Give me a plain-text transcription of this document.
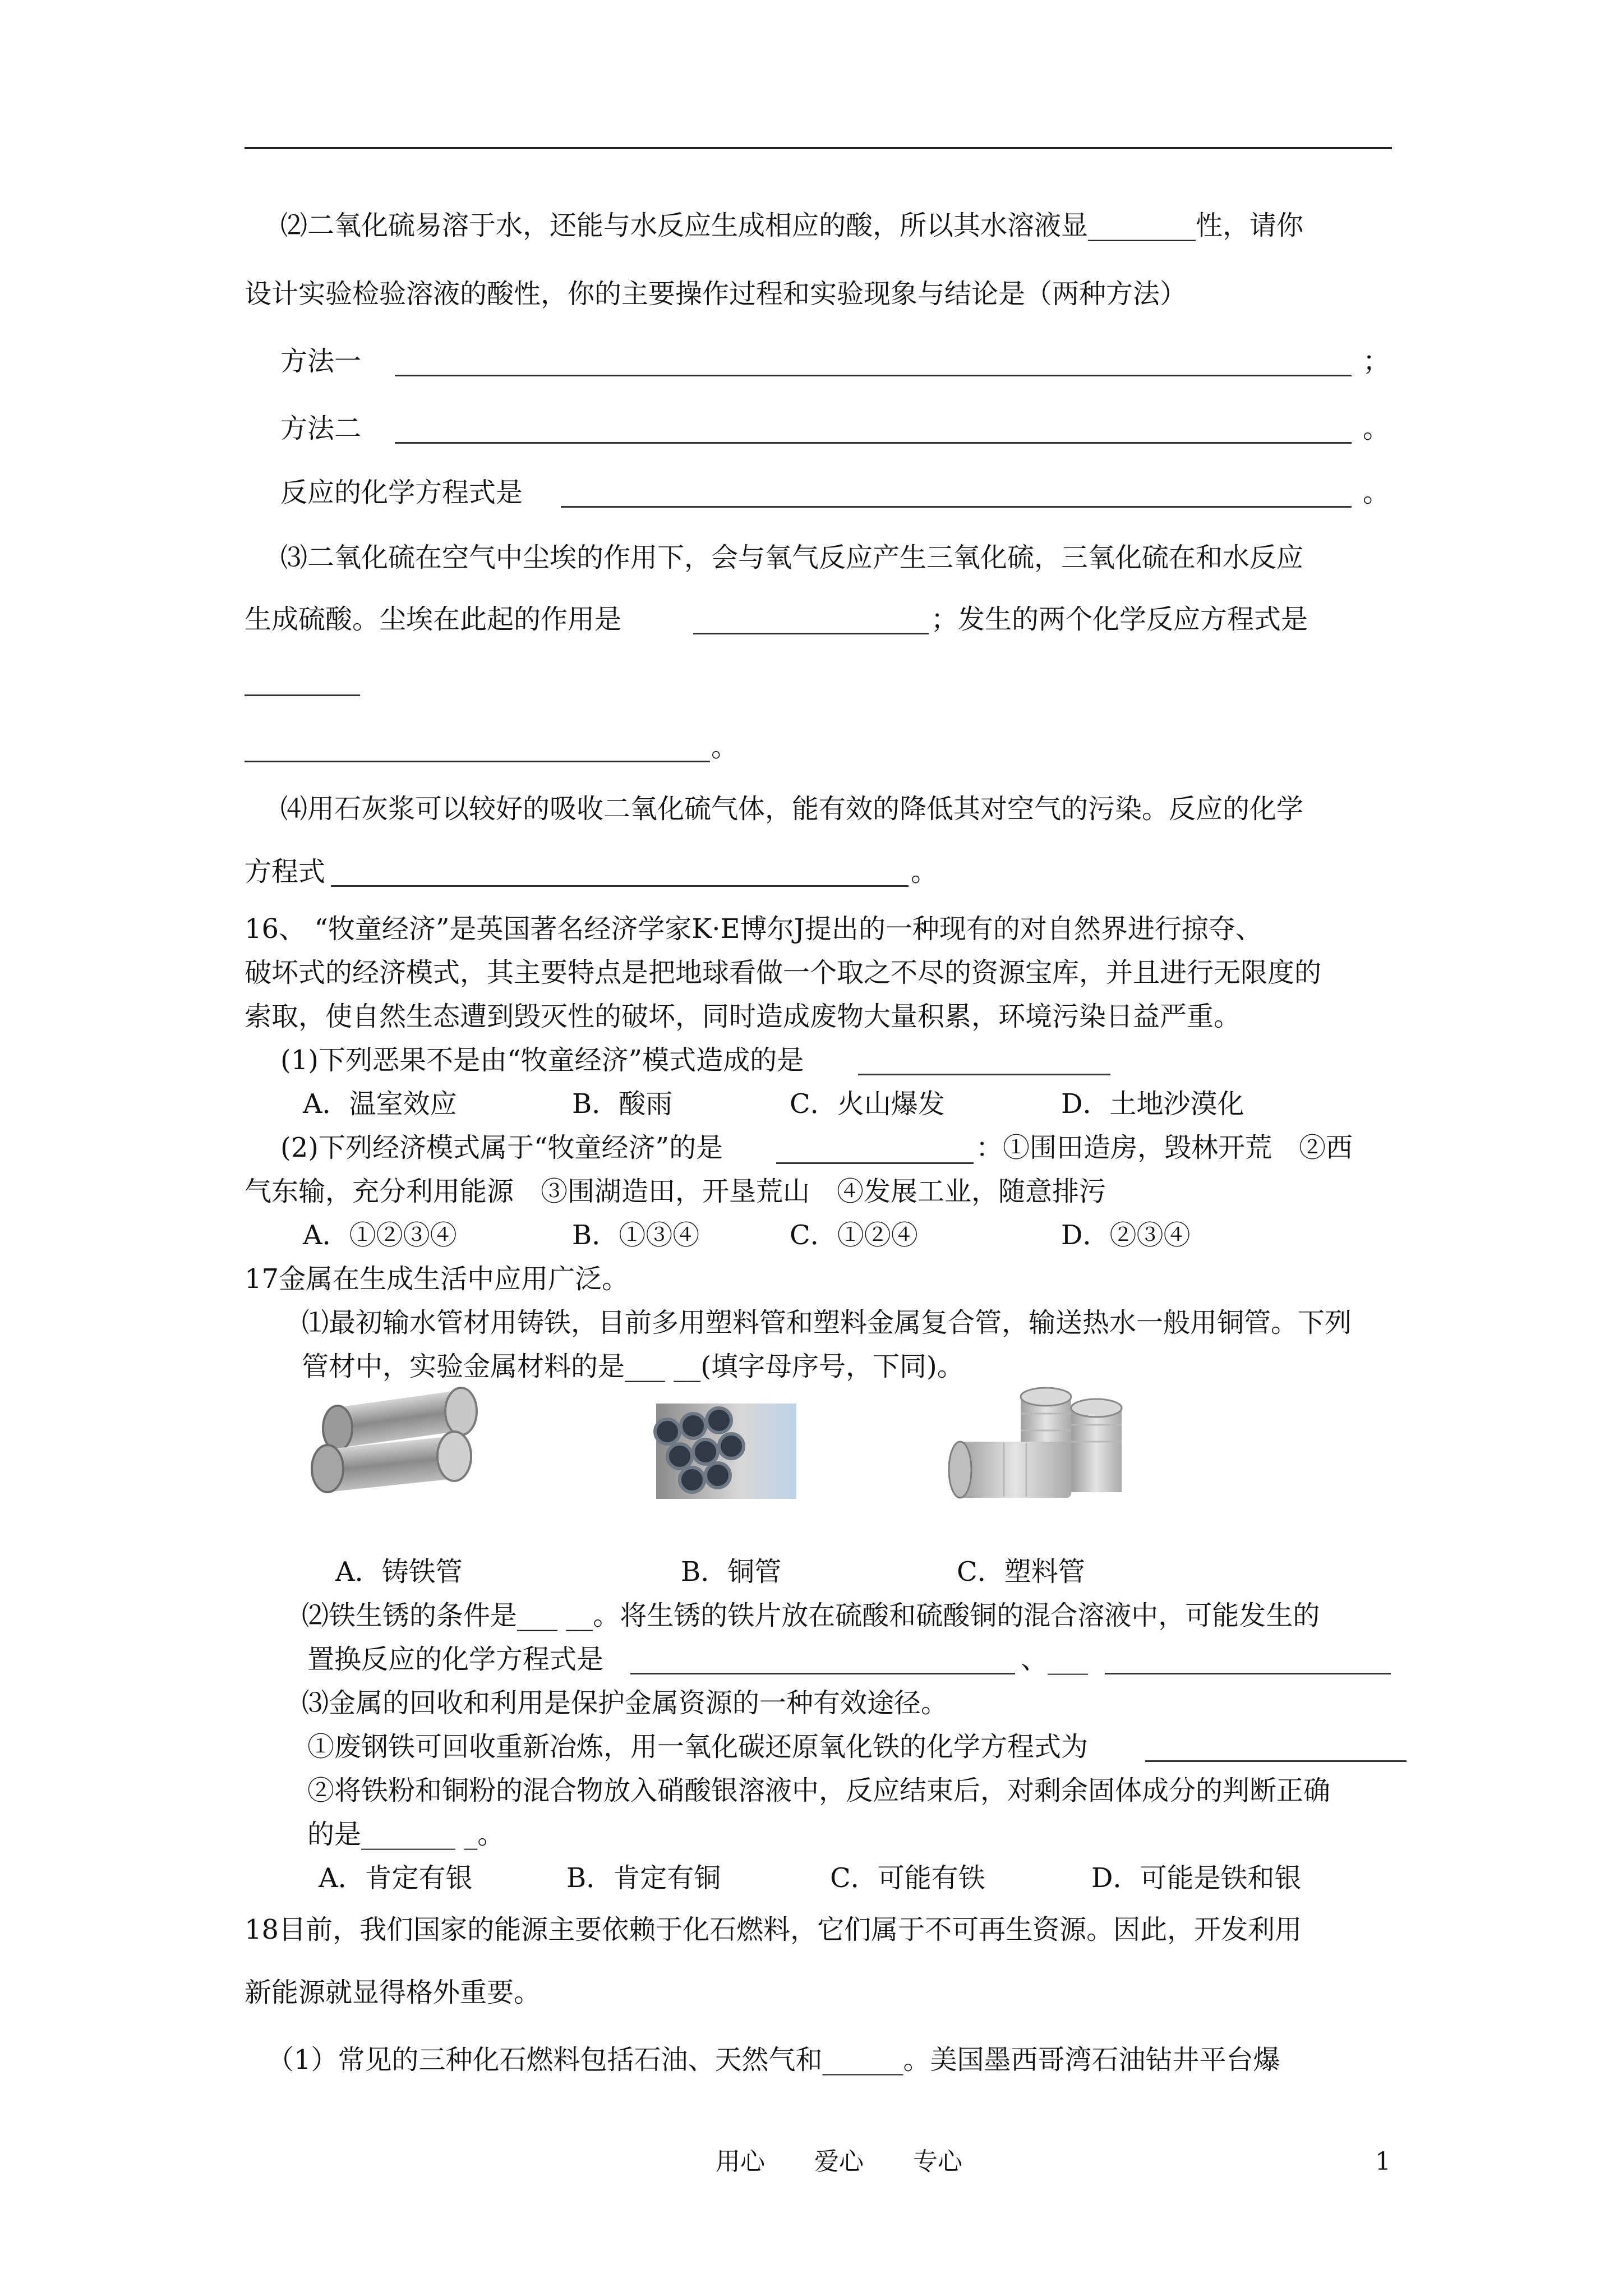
⑵二氧化硫易溶于水，还能与水反应生成相应的酸，所以其水溶液显________性，请你
设计实验检验溶液的酸性，你的主要操作过程和实验现象与结论是（两种方法）
方法一	；
方法二	。
反应的化学方程式是	。
⑶二氧化硫在空气中尘埃的作用下，会与氧气反应产生三氧化硫，三氧化硫在和水反应
生成硫酸。尘埃在此起的作用是	；发生的两个化学反应方程式是
。
⑷用石灰浆可以较好的吸收二氧化硫气体，能有效的降低其对空气的污染。反应的化学
方程式	。
16、 “牧童经济”是英国著名经济学家K·E博尔J提出的一种现有的对自然界进行掠夺、
破坏式的经济模式，其主要特点是把地球看做一个取之不尽的资源宝库，并且进行无限度的
索取，使自然生态遭到毁灭性的破坏，同时造成废物大量积累，环境污染日益严重。
(1)下列恶果不是由“牧童经济”模式造成的是
A．温室效应	B．酸雨	C．火山爆发	D．土地沙漠化
(2)下列经济模式属于“牧童经济”的是	：①围田造房，毁林开荒　②西
气东输，充分利用能源　③围湖造田，开垦荒山　④发展工业，随意排污
A．①②③④	B．①③④	C．①②④	D．②③④
17金属在生成生活中应用广泛。
⑴最初输水管材用铸铁，目前多用塑料管和塑料金属复合管，输送热水一般用铜管。下列
管材中，实验金属材料的是___ __(填字母序号，下同)。
A．铸铁管	B．铜管	C．塑料管
⑵铁生锈的条件是___ __。将生锈的铁片放在硫酸和硫酸铜的混合溶液中，可能发生的
置换反应的化学方程式是	、___
⑶金属的回收和利用是保护金属资源的一种有效途径。
①废钢铁可回收重新冶炼，用一氧化碳还原氧化铁的化学方程式为
②将铁粉和铜粉的混合物放入硝酸银溶液中，反应结束后，对剩余固体成分的判断正确
的是_______ _。
A．肯定有银	B．肯定有铜	C．可能有铁	D．可能是铁和银
18目前，我们国家的能源主要依赖于化石燃料，它们属于不可再生资源。因此，开发利用
新能源就显得格外重要。
（1）常见的三种化石燃料包括石油、天然气和______。美国墨西哥湾石油钻井平台爆
用心　　爱心　　专心	1
